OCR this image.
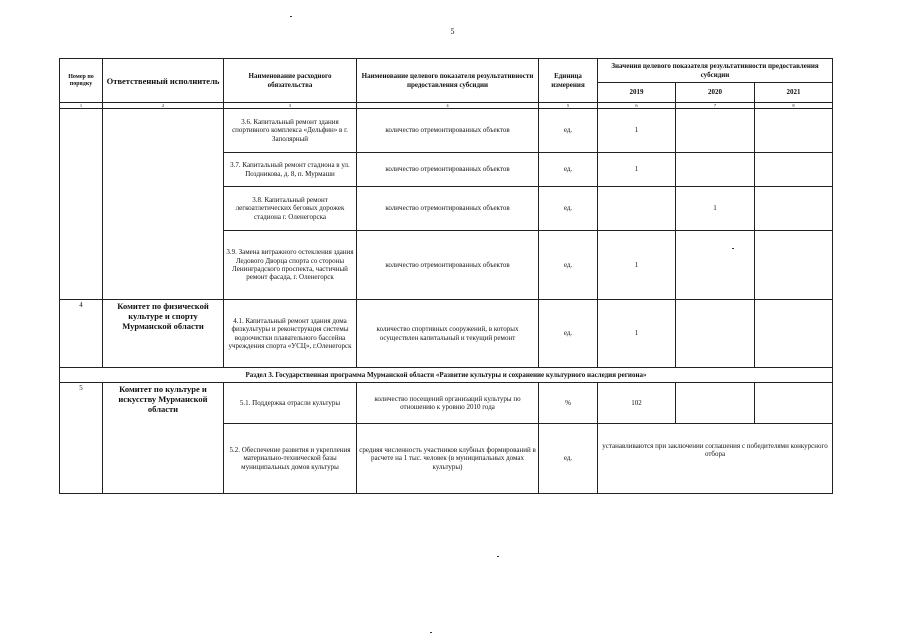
5
Номер по порядку	Ответственный исполнитель	Наименование расходного обязательства	Наименование целевого показателя результативности предоставления субсидии	Единица измерения	Значения целевого показателя результативности предоставления субсидии		
					2019	2020	2021
1	2	3	4	5	6	7	8
		3.6. Капитальный ремонт здания спортивного комплекса «Дельфин» в г. Заполярный	количество отремонтированных объектов	ед.	1		
		3.7. Капитальный ремонт стадиона в ул. Поздникова, д. 8, п. Мурмаши	количество отремонтированных объектов	ед.	1		
		3.8. Капитальный ремонт легкоатлетических беговых дорожек стадиона г. Оленегорска	количество отремонтированных объектов	ед.		1	
		3.9. Замена витражного остекления здания Ледового Дворца спорта со стороны Ленинградского проспекта, частичный ремонт фасада, г. Оленегорск	количество отремонтированных объектов	ед.	1		
4	Комитет по физической культуре и спорту Мурманской области	4.1. Капитальный ремонт здания дома физкультуры и реконструкция системы водоочистки плавательного бассейна учреждения спорта «УСЦ», г.Оленегорск	количество спортивных сооружений, в которых осуществлен капитальный и текущий ремонт	ед.	1		
Раздел 3. Государственная программа Мурманской области «Развитие культуры и сохранение культурного наследия региона»							
5	Комитет по культуре и искусству Мурманской области	5.1. Поддержка отрасли культуры	количество посещений организаций культуры по отношению к уровню 2010 года	%	102		
		5.2. Обеспечение развития и укрепления материально-технической базы муниципальных домов культуры	средняя численность участников клубных формирований в расчете на 1 тыс. человек (в муниципальных домах культуры)	ед.	устанавливаются при заключении соглашения с победителями конкурсного отбора		
